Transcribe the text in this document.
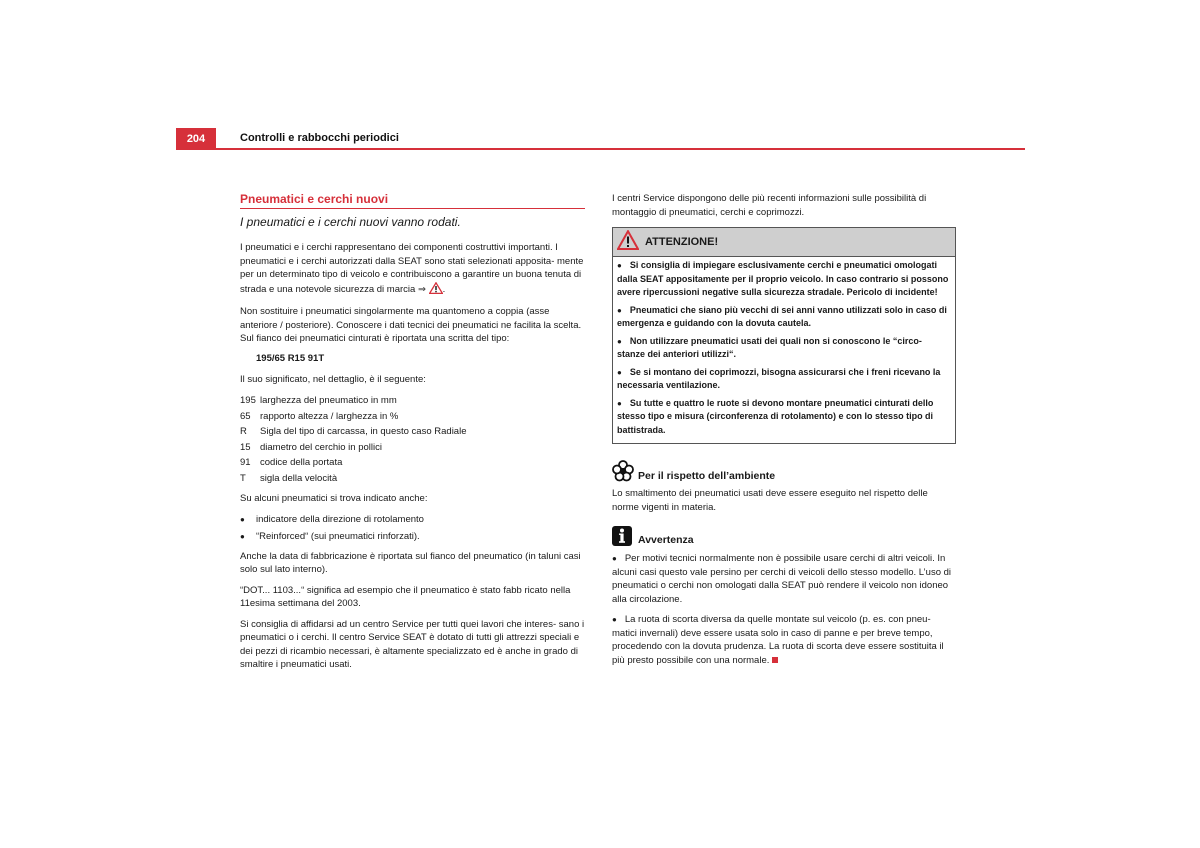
204	Controlli e rabbocchi periodici
Pneumatici e cerchi nuovi
I pneumatici e i cerchi nuovi vanno rodati.

I pneumatici e i cerchi rappresentano dei componenti costruttivi importanti. I pneumatici e i cerchi autorizzati dalla SEAT sono stati selezionati apposita- mente per un determinato tipo di veicolo e contribuiscono a garantire un buona tenuta di strada e una notevole sicurezza di marcia ⇒ .

Non sostituire i pneumatici singolarmente ma quantomeno a coppia (asse anteriore / posteriore). Conoscere i dati tecnici dei pneumatici ne facilita la scelta. Sul fianco dei pneumatici cinturati è riportata una scritta del tipo:

195/65 R15 91T

Il suo significato, nel dettaglio, è il seguente:

195 larghezza del pneumatico in mm
65 rapporto altezza / larghezza in %
R	Sigla del tipo di carcassa, in questo caso Radiale
15 diametro del cerchio in pollici
91 codice della portata
T	sigla della velocità

Su alcuni pneumatici si trova indicato anche:

● indicatore della direzione di rotolamento
● “Reinforced“ (sui pneumatici rinforzati).

Anche la data di fabbricazione è riportata sul fianco del pneumatico (in taluni casi solo sul lato interno).

“DOT... 1103...“ significa ad esempio che il pneumatico è stato fabb ricato nella 11esima settimana del 2003.

Si consiglia di affidarsi ad un centro Service per tutti quei lavori che interes- sano i pneumatici o i cerchi. Il centro Service SEAT è dotato di tutti gli attrezzi speciali e dei pezzi di ricambio necessari, è altamente specializzato ed è anche in grado di smaltire i pneumatici usati.

I centri Service dispongono delle più recenti informazioni sulle possibilità di montaggio di pneumatici, cerchi e coprimozzi.

ATTENZIONE!
● Si consiglia di impiegare esclusivamente cerchi e pneumatici omologati dalla SEAT appositamente per il proprio veicolo. In caso contrario si possono avere ripercussioni negative sulla sicurezza stradale. Pericolo di incidente!
● Pneumatici che siano più vecchi di sei anni vanno utilizzati solo in caso di emergenza e guidando con la dovuta cautela.
● Non utilizzare pneumatici usati dei quali non si conoscono le “circo- stanze dei anteriori utilizzi“.
● Se si montano dei coprimozzi, bisogna assicurarsi che i freni ricevano la necessaria ventilazione.
● Su tutte e quattro le ruote si devono montare pneumatici cinturati dello stesso tipo e misura (circonferenza di rotolamento) e con lo stesso tipo di battistrada.
Per il rispetto dell’ambiente

Lo smaltimento dei pneumatici usati deve essere eseguito nel rispetto delle norme vigenti in materia.

Avvertenza
● Per motivi tecnici normalmente non è possibile usare cerchi di altri veicoli. In alcuni casi questo vale persino per cerchi di veicoli dello stesso modello. L’uso di pneumatici o cerchi non omologati dalla SEAT può rendere il veicolo non idoneo alla circolazione.
● La ruota di scorta diversa da quelle montate sul veicolo (p. es. con pneu- matici invernali) deve essere usata solo in caso di panne e per breve tempo, procedendo con la dovuta prudenza. La ruota di scorta deve essere sostituita il più presto possibile con una normale.
